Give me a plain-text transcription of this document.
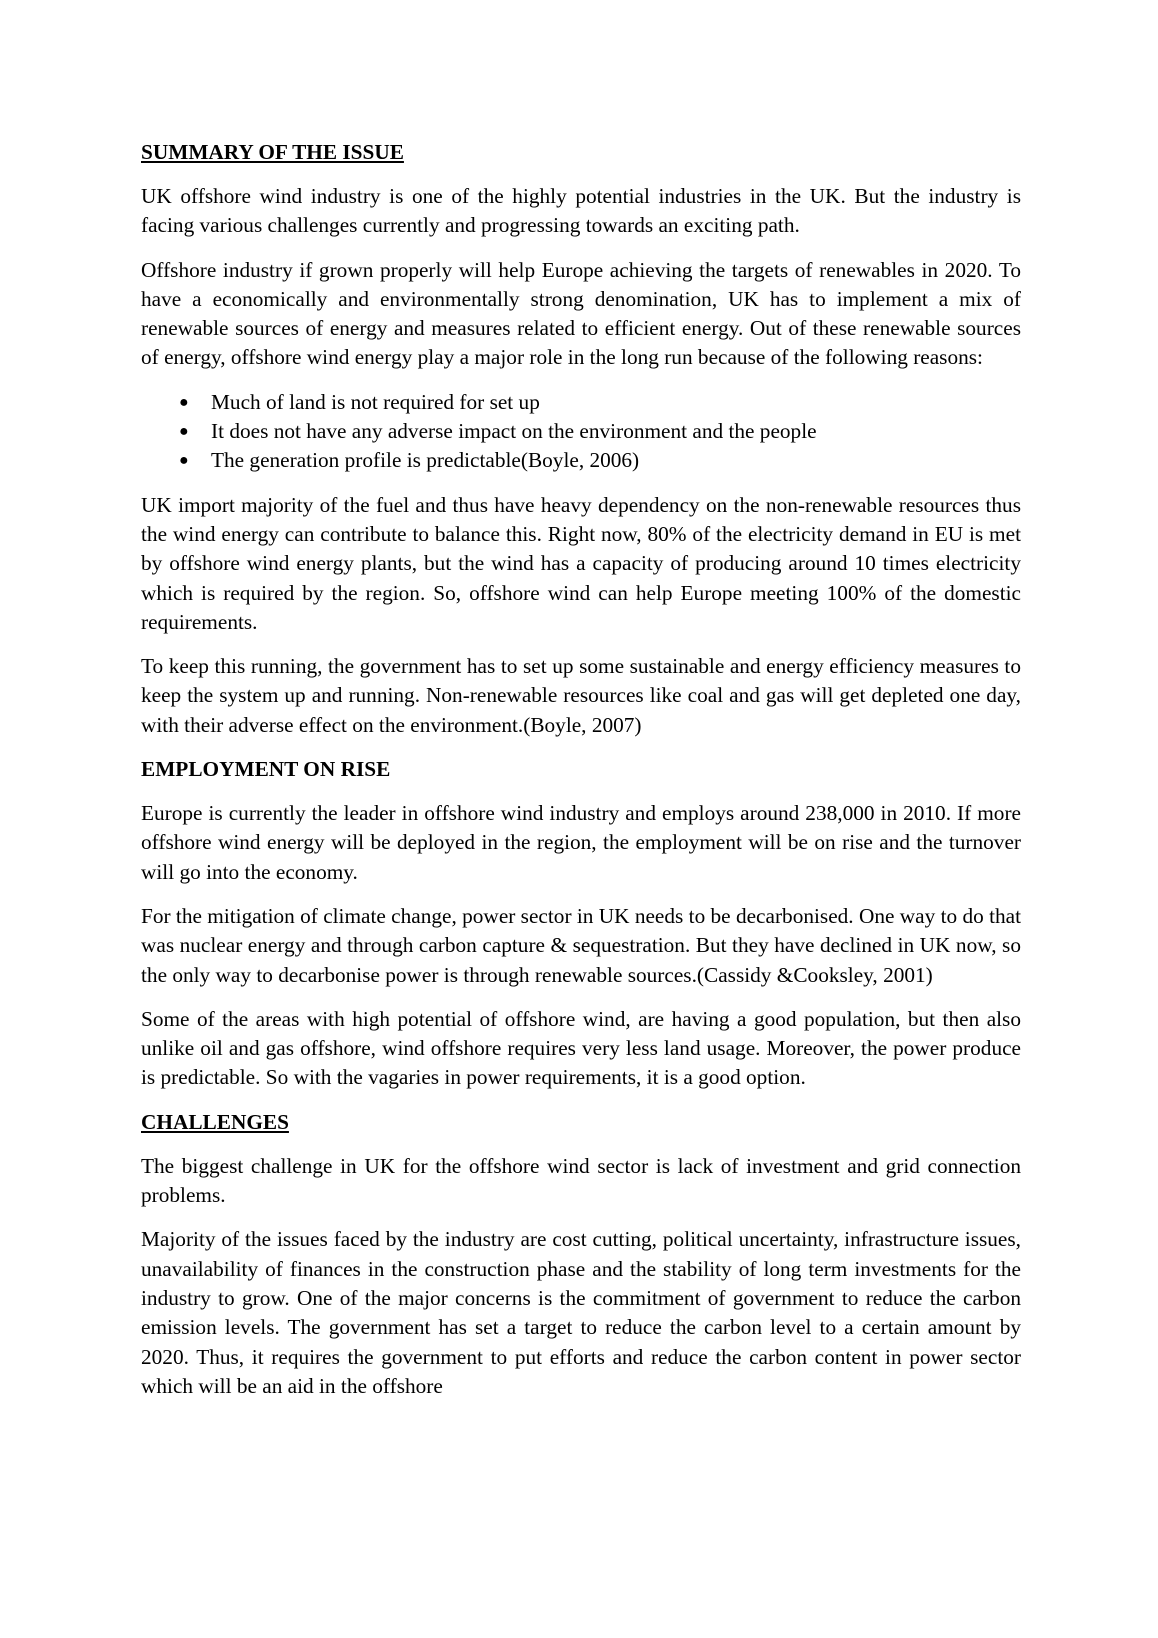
SUMMARY OF THE ISSUE

UK offshore wind industry is one of the highly potential industries in the UK. But the industry is facing various challenges currently and progressing towards an exciting path.

Offshore industry if grown properly will help Europe achieving the targets of renewables in 2020. To have a economically and environmentally strong denomination, UK has to implement a mix of renewable sources of energy and measures related to efficient energy. Out of these renewable sources of energy, offshore wind energy play a major role in the long run because of the following reasons:

● Much of land is not required for set up
● It does not have any adverse impact on the environment and the people
● The generation profile is predictable(Boyle, 2006)

UK import majority of the fuel and thus have heavy dependency on the non-renewable resources thus the wind energy can contribute to balance this. Right now, 80% of the electricity demand in EU is met by offshore wind energy plants, but the wind has a capacity of producing around 10 times electricity which is required by the region. So, offshore wind can help Europe meeting 100% of the domestic requirements.

To keep this running, the government has to set up some sustainable and energy efficiency measures to keep the system up and running. Non-renewable resources like coal and gas will get depleted one day, with their adverse effect on the environment.(Boyle, 2007)

EMPLOYMENT ON RISE

Europe is currently the leader in offshore wind industry and employs around 238,000 in 2010. If more offshore wind energy will be deployed in the region, the employment will be on rise and the turnover will go into the economy.

For the mitigation of climate change, power sector in UK needs to be decarbonised. One way to do that was nuclear energy and through carbon capture & sequestration. But they have declined in UK now, so the only way to decarbonise power is through renewable sources.(Cassidy &Cooksley, 2001)

Some of the areas with high potential of offshore wind, are having a good population, but then also unlike oil and gas offshore, wind offshore requires very less land usage. Moreover, the power produce is predictable. So with the vagaries in power requirements, it is a good option.

CHALLENGES

The biggest challenge in UK for the offshore wind sector is lack of investment and grid connection problems.

Majority of the issues faced by the industry are cost cutting, political uncertainty, infrastructure issues, unavailability of finances in the construction phase and the stability of long term investments for the industry to grow. One of the major concerns is the commitment of government to reduce the carbon emission levels. The government has set a target to reduce the carbon level to a certain amount by 2020. Thus, it requires the government to put efforts and reduce the carbon content in power sector which will be an aid in the offshore
